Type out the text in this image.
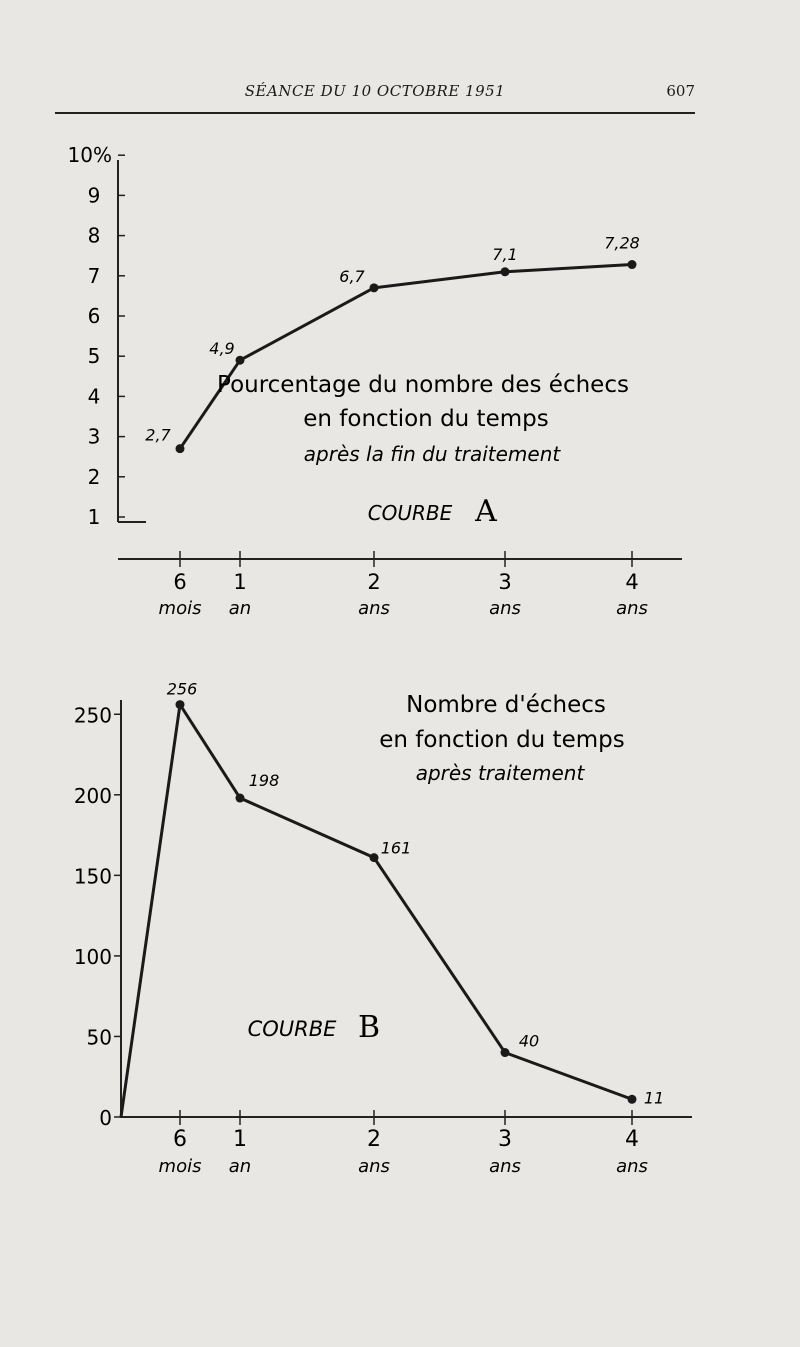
SÉANCE DU 10 OCTOBRE 1951	607
1
2
3
4
5
6
7
8
9
10%
6
mois
1
an
2
ans
3
ans
4
ans
2,7
4,9
6,7
7,1
7,28
Pourcentage du nombre des échecs
en fonction du temps
après la fin du traitement
COURBE A
0
50
100
150
200
250
6
mois
1
an
2
ans
3
ans
4
ans
256
198
161
40
11
Nombre d'échecs
en fonction du temps
après traitement
COURBE B
